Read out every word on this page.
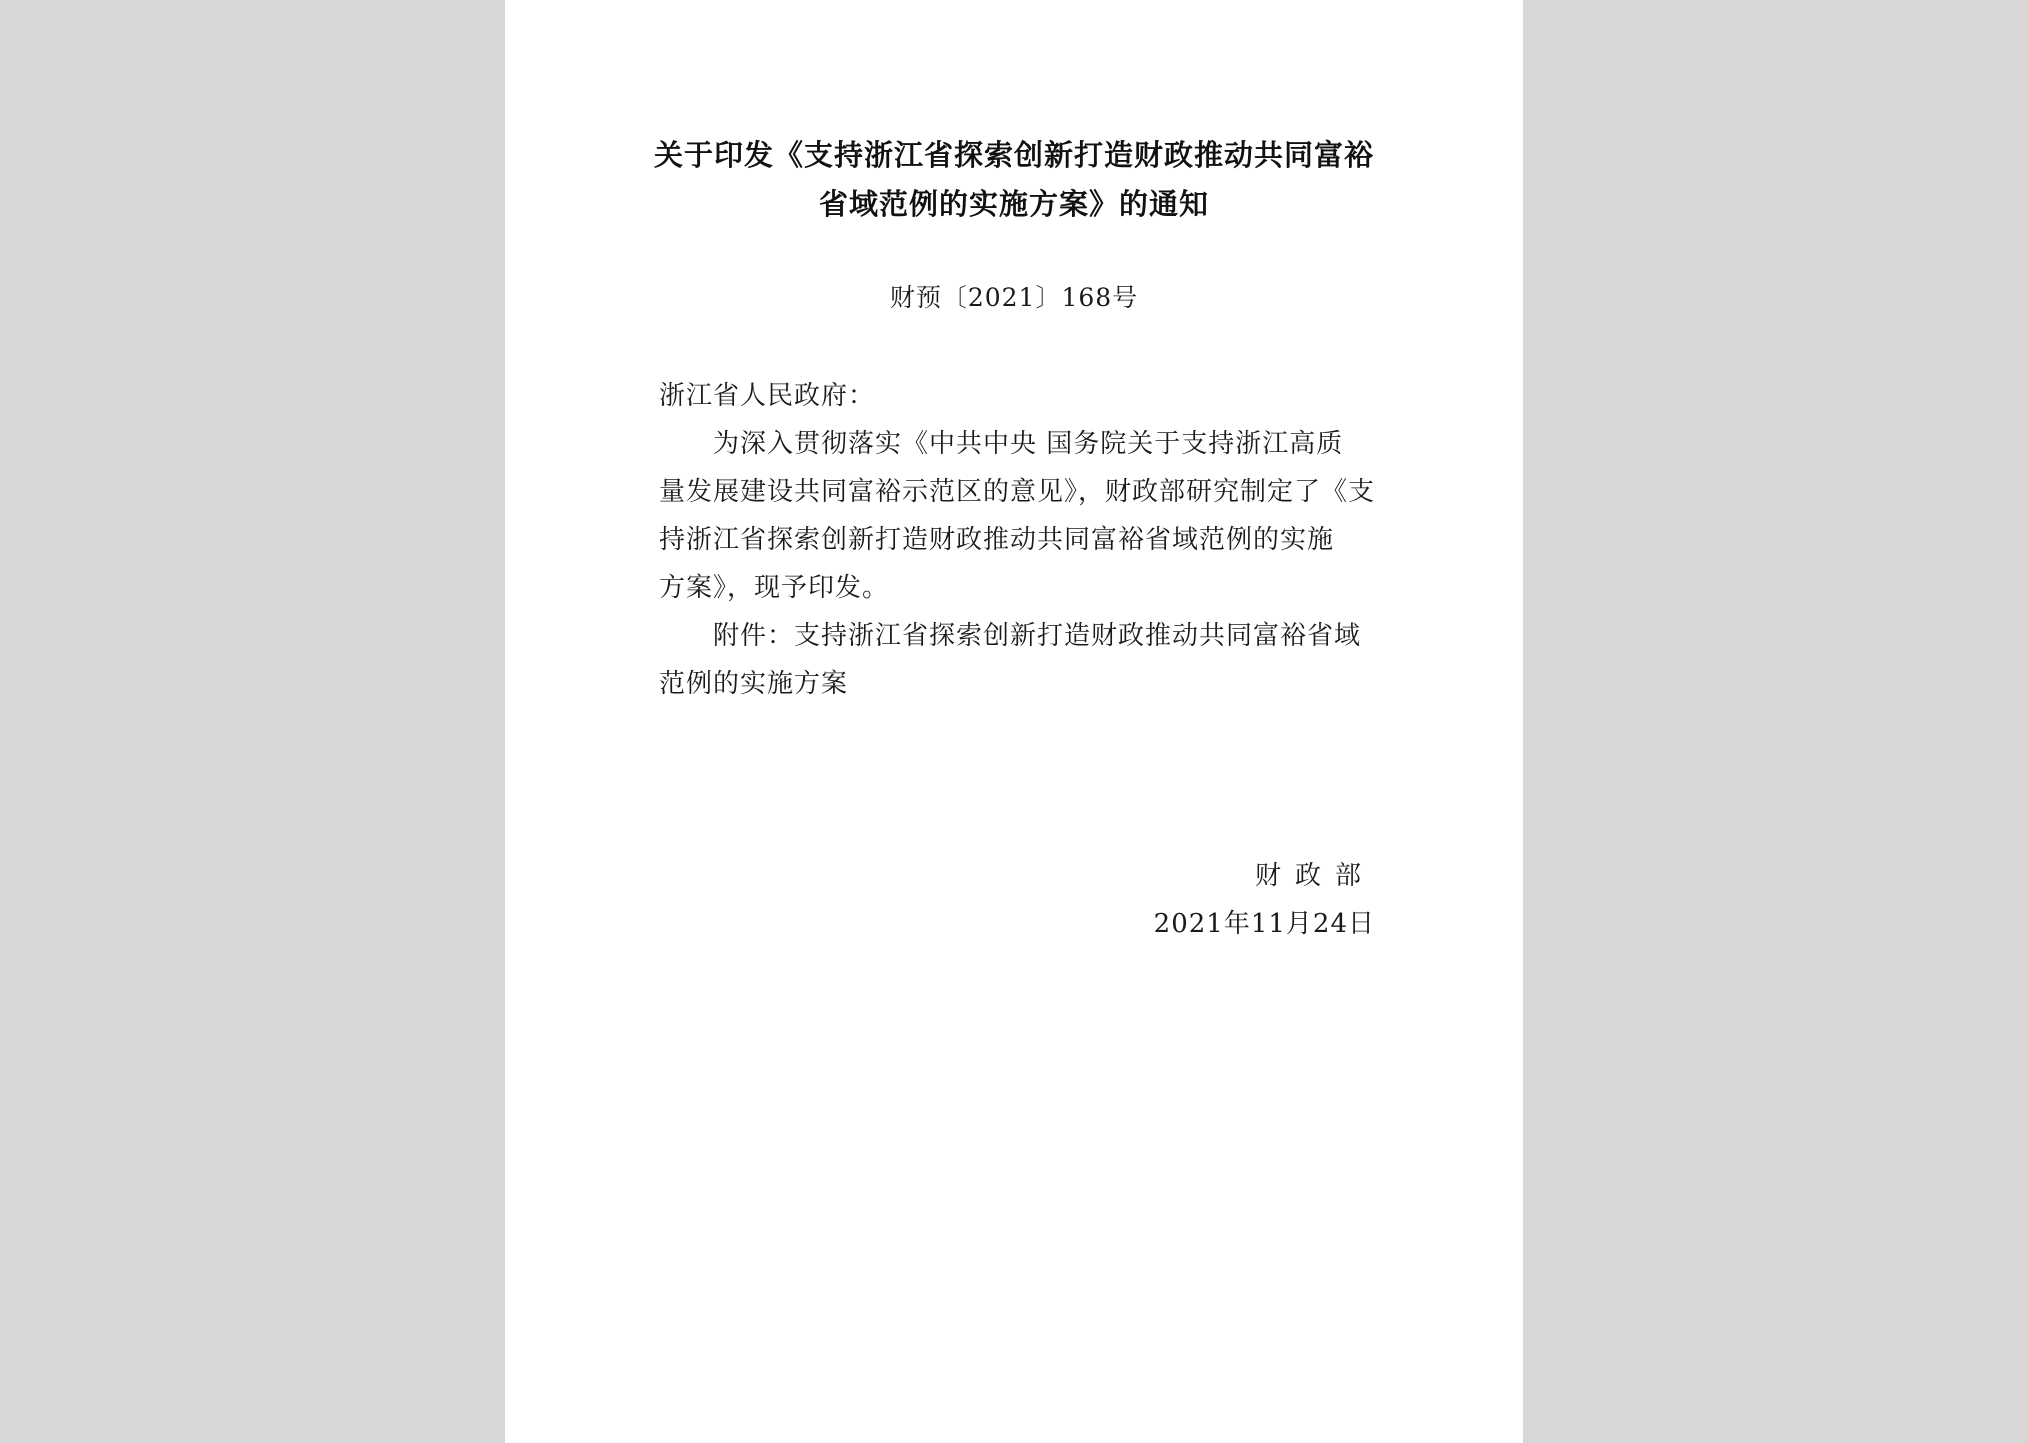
关于印发《支持浙江省探索创新打造财政推动共同富裕
省域范例的实施方案》的通知
财预〔2021〕168号
浙江省人民政府：
为深入贯彻落实《中共中央 国务院关于支持浙江高质
量发展建设共同富裕示范区的意见》，财政部研究制定了《支
持浙江省探索创新打造财政推动共同富裕省域范例的实施
方案》，现予印发。
附件：支持浙江省探索创新打造财政推动共同富裕省域
范例的实施方案
财政部
2021年11月24日
